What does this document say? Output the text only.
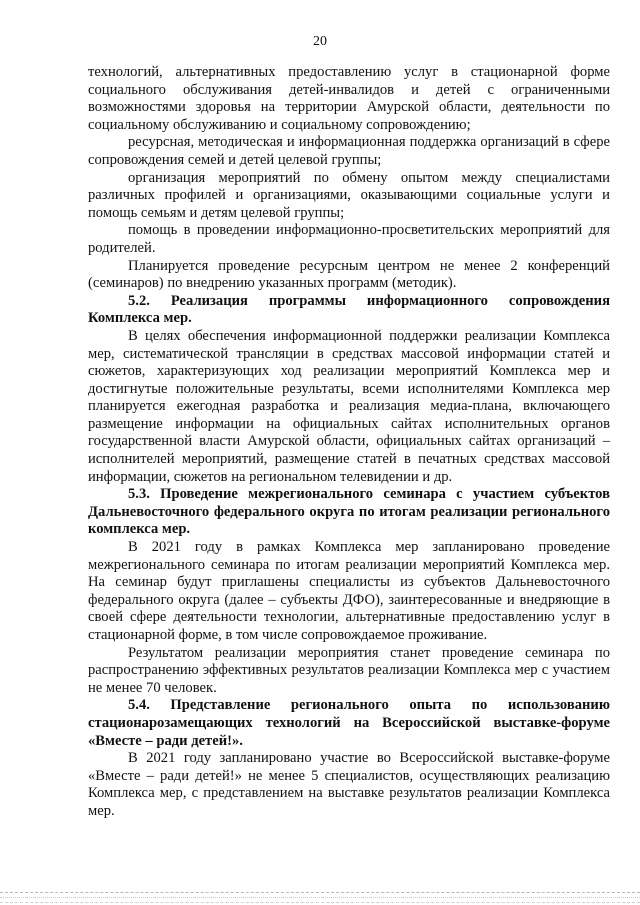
20

технологий, альтернативных предоставлению услуг в стационарной форме социального обслуживания детей-инвалидов и детей с ограниченными возможностями здоровья на территории Амурской области, деятельности по социальному обслуживанию и социальному сопровождению;

ресурсная, методическая и информационная поддержка организаций в сфере сопровождения семей и детей целевой группы;

организация мероприятий по обмену опытом между специалистами различных профилей и организациями, оказывающими социальные услуги и помощь семьям и детям целевой группы;

помощь в проведении информационно-просветительских мероприятий для родителей.

Планируется проведение ресурсным центром не менее 2 конференций (семинаров) по внедрению указанных программ (методик).

5.2. Реализация программы информационного сопровождения Комплекса мер.

В целях обеспечения информационной поддержки реализации Комплекса мер, систематической трансляции в средствах массовой информации статей и сюжетов, характеризующих ход реализации мероприятий Комплекса мер и достигнутые положительные результаты, всеми исполнителями Комплекса мер планируется ежегодная разработка и реализация медиа-плана, включающего размещение информации на официальных сайтах исполнительных органов государственной власти Амурской области, официальных сайтах организаций – исполнителей мероприятий, размещение статей в печатных средствах массовой информации, сюжетов на региональном телевидении и др.

5.3. Проведение межрегионального семинара с участием субъектов Дальневосточного федерального округа по итогам реализации регионального комплекса мер.

В 2021 году в рамках Комплекса мер запланировано проведение межрегионального семинара по итогам реализации мероприятий Комплекса мер. На семинар будут приглашены специалисты из субъектов Дальневосточного федерального округа (далее – субъекты ДФО), заинтересованные и внедряющие в своей сфере деятельности технологии, альтернативные предоставлению услуг в стационарной форме, в том числе сопровождаемое проживание.

Результатом реализации мероприятия станет проведение семинара по распространению эффективных результатов реализации Комплекса мер с участием не менее 70 человек.

5.4. Представление регионального опыта по использованию стационарозамещающих технологий на Всероссийской выставке-форуме «Вместе – ради детей!».

В 2021 году запланировано участие во Всероссийской выставке-форуме «Вместе – ради детей!» не менее 5 специалистов, осуществляющих реализацию Комплекса мер, с представлением на выставке результатов реализации Комплекса мер.
